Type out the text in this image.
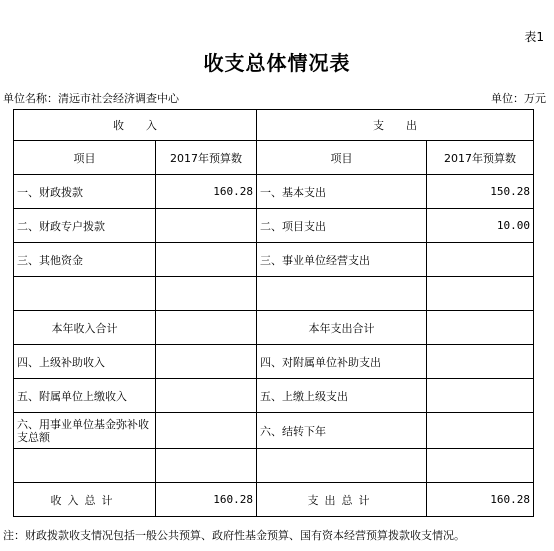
表1
收支总体情况表
单位名称：清远市社会经济调查中心	单位：万元
收　　入		支　　出	
项目	2017年预算数	项目	2017年预算数
一、财政拨款	160.28	一、基本支出	150.28
二、财政专户拨款		二、项目支出	10.00
三、其他资金		三、事业单位经营支出	

本年收入合计		本年支出合计	
四、上级补助收入		四、对附属单位补助支出	
五、附属单位上缴收入		五、上缴上级支出	
六、用事业单位基金弥补收支总额		六、结转下年	

收入总计	160.28	支出总计	160.28
注：财政拨款收支情况包括一般公共预算、政府性基金预算、国有资本经营预算拨款收支情况。
